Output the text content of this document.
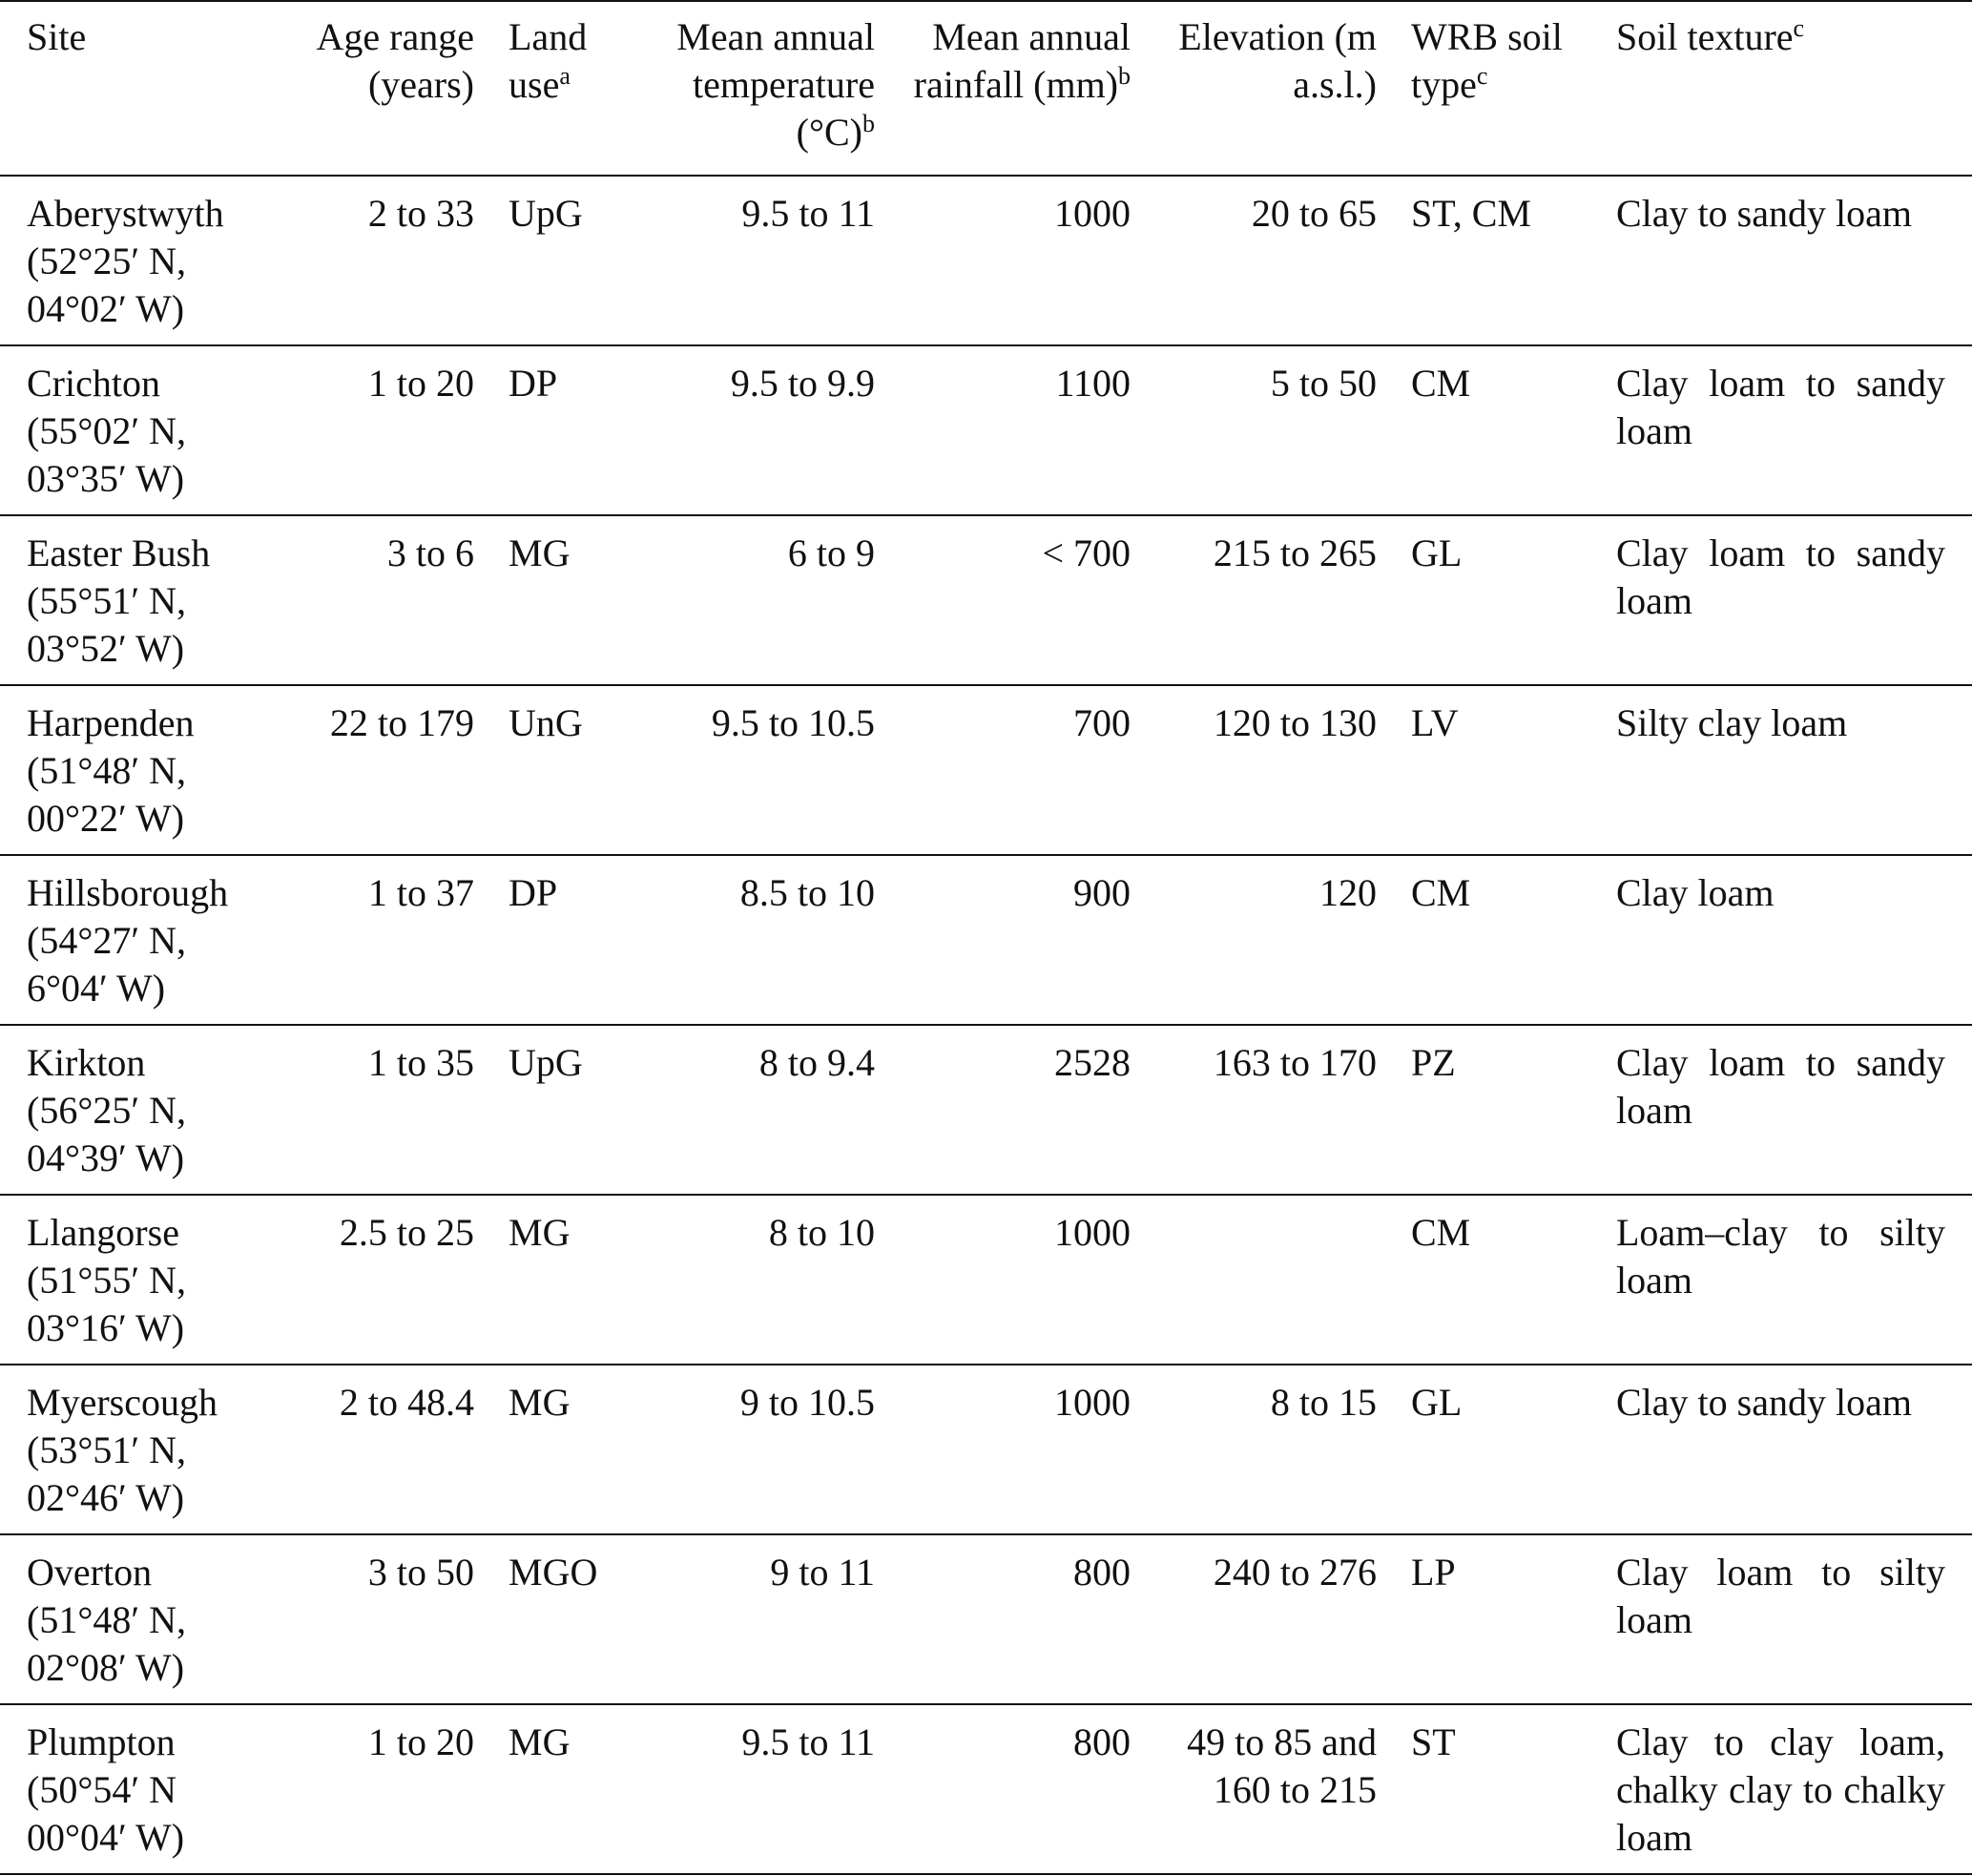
Site	Age range (years)	Land use$^a$	Mean annual temperature $(^\circ C)^b$	Mean annual rainfall (mm)$^b$	Elevation (m a.s.l.)	WRB soil type$^c$	Soil texture$^c$
Aberystwyth
(52°25′ N, 04°02′ W)	2 to 33	UpG	9.5 to 11	1000	20 to 65	ST, CM	Clay to sandy loam
Crichton
(55°02′ N, 03°35′ W)	1 to 20	DP	9.5 to 9.9	1100	5 to 50	CM	Clay loam to sandy loam
Easter Bush
(55°51′ N, 03°52′ W)	3 to 6	MG	6 to 9	< 700	215 to 265	GL	Clay loam to sandy loam
Harpenden
(51°48′ N, 00°22′ W)	22 to 179	UnG	9.5 to 10.5	700	120 to 130	LV	Silty clay loam
Hillsborough
(54°27′ N, 6°04′ W)	1 to 37	DP	8.5 to 10	900	120	CM	Clay loam
Kirkton
(56°25′ N, 04°39′ W)	1 to 35	UpG	8 to 9.4	2528	163 to 170	PZ	Clay loam to sandy loam
Llangorse
(51°55′ N, 03°16′ W)	2.5 to 25	MG	8 to 10	1000		CM	Loam–clay to silty loam
Myerscough
(53°51′ N, 02°46′ W)	2 to 48.4	MG	9 to 10.5	1000	8 to 15	GL	Clay to sandy loam
Overton
(51°48′ N, 02°08′ W)	3 to 50	MGO	9 to 11	800	240 to 276	LP	Clay loam to silty loam
Plumpton
(50°54′ N 00°04′ W)	1 to 20	MG	9.5 to 11	800	49 to 85 and 160 to 215	ST	Clay to clay loam, chalky clay to chalky loam
